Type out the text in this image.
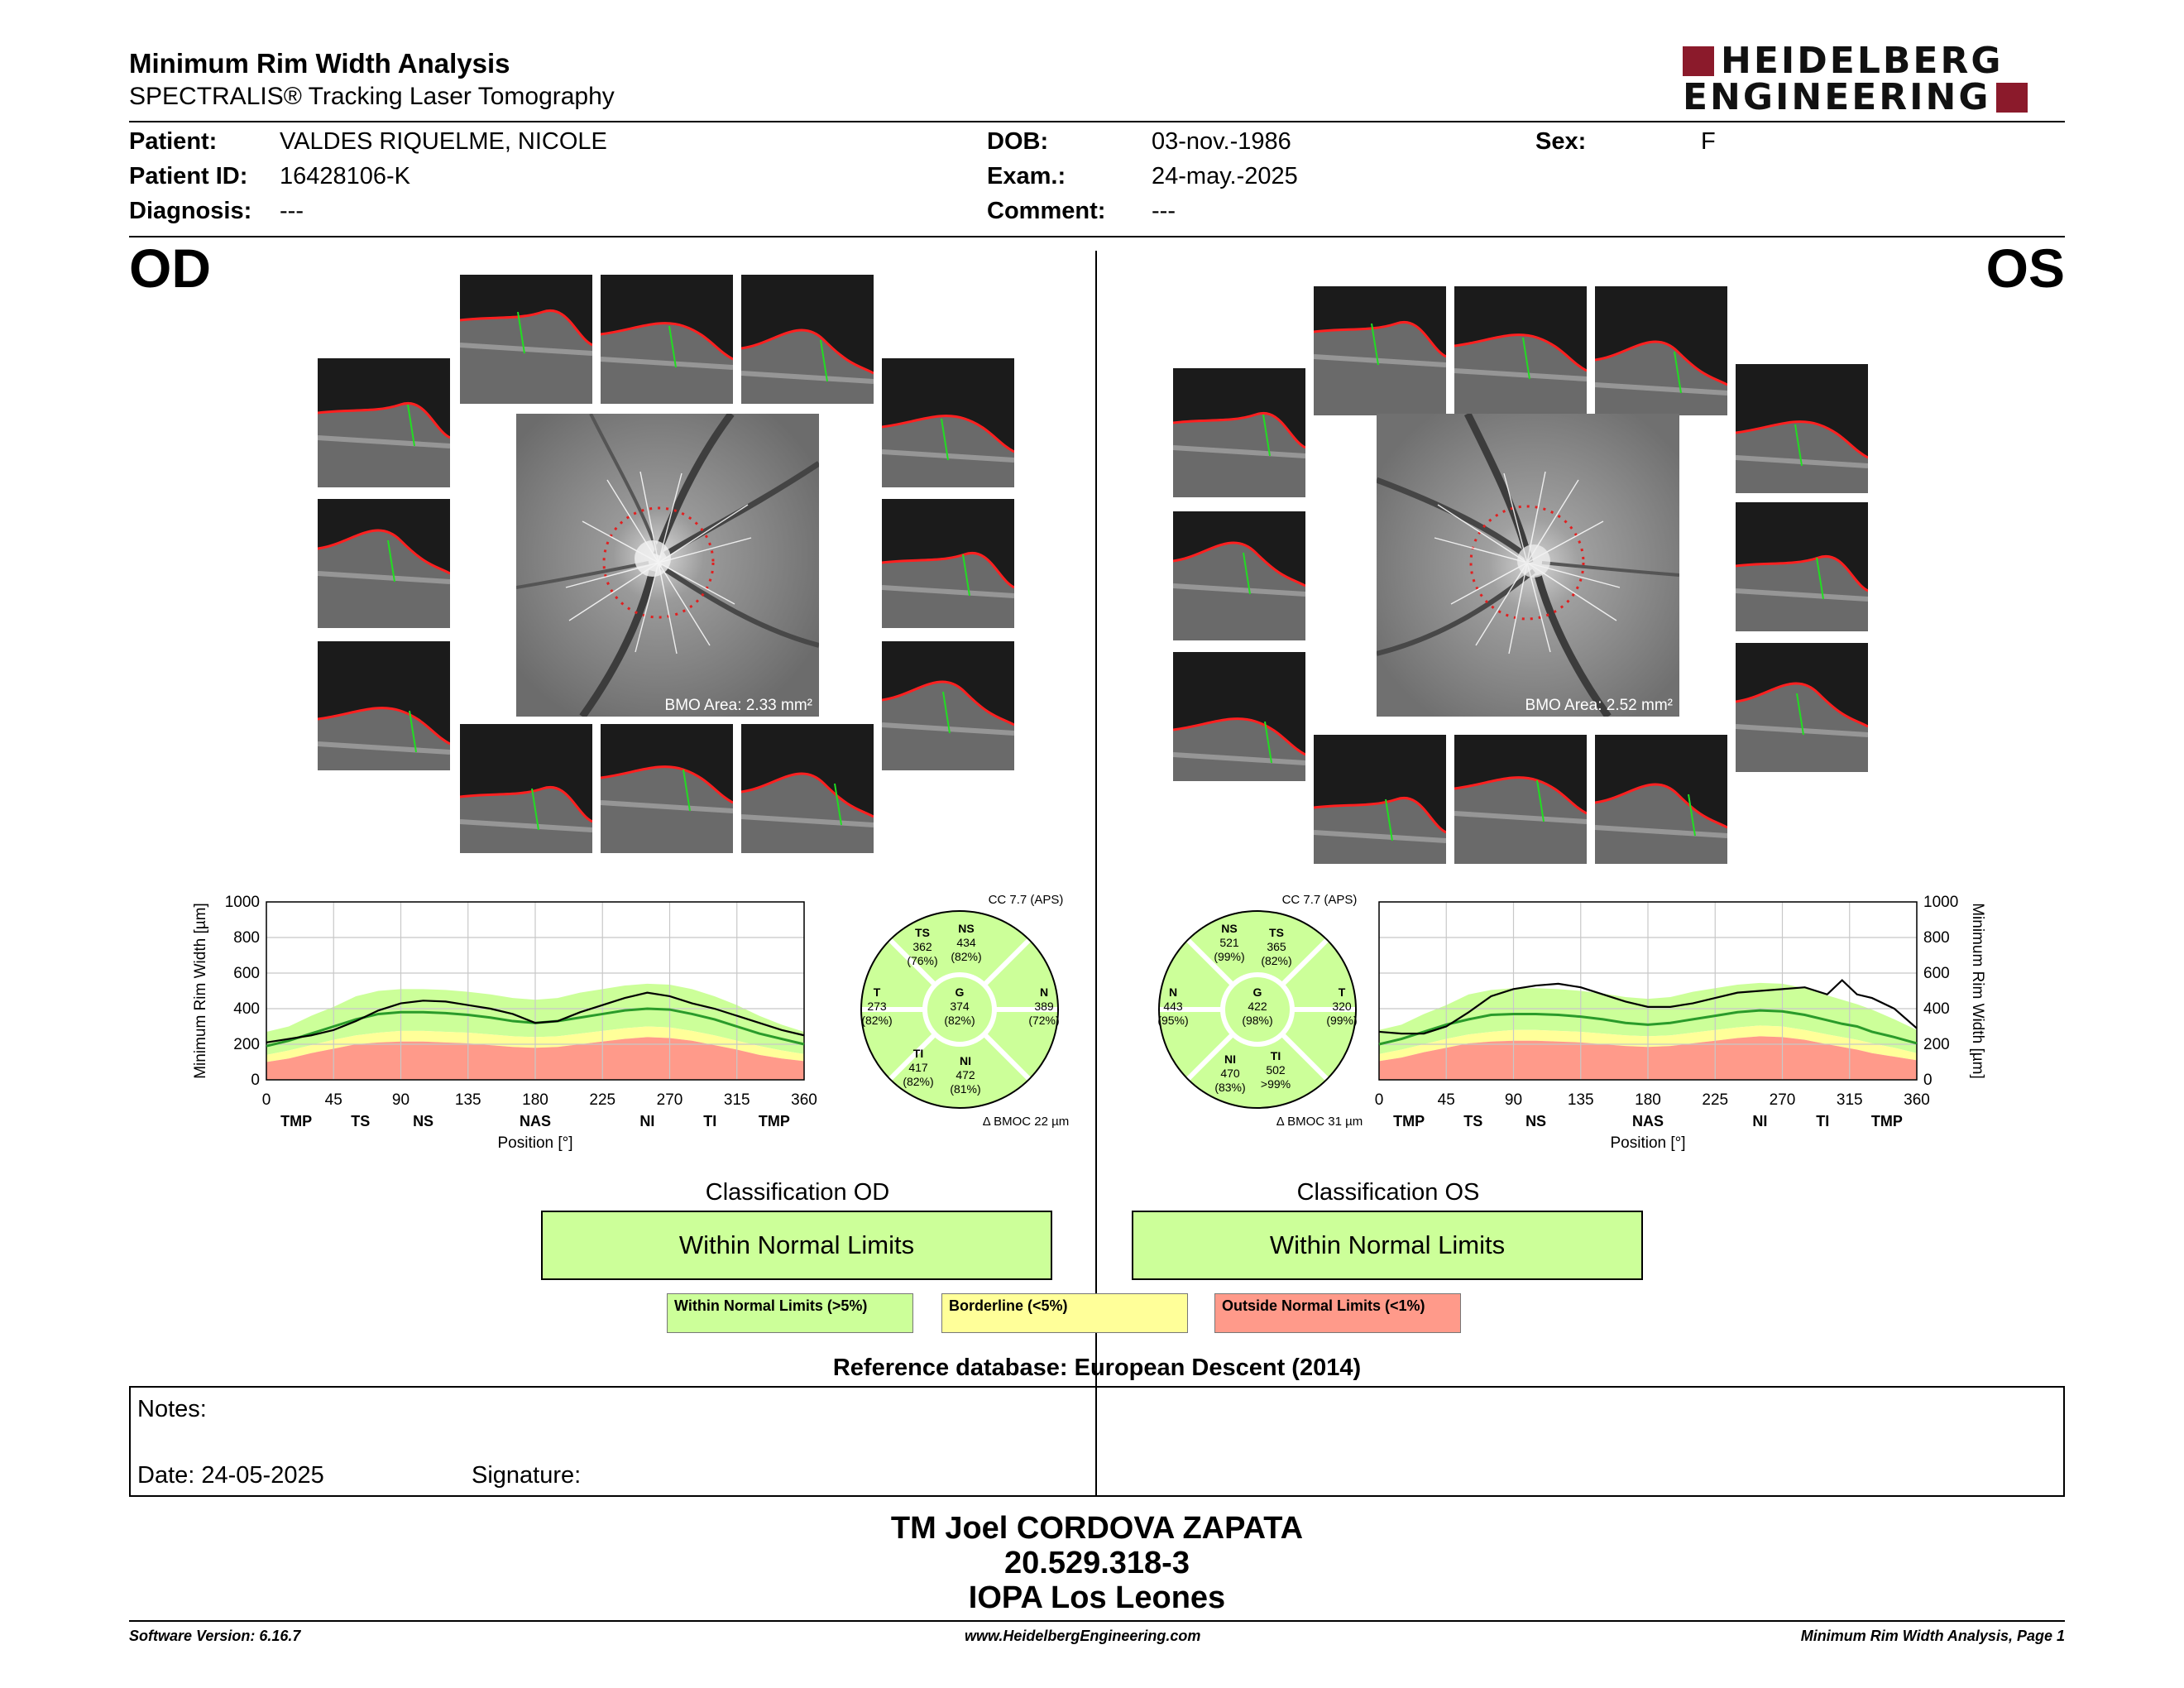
Minimum Rim Width Analysis
SPECTRALIS® Tracking Laser Tomography
HEIDELBERG
ENGINEERING
Patient:	VALDES RIQUELME, NICOLE
Patient ID: 16428106-K
Diagnosis: ---
DOB:	03-nov.-1986
Exam.:	24-may.-2025
Comment: ---
Sex:	F
OD	OS
BMO Area: 2.33 mm²	BMO Area: 2.52 mm²
0
200
400
600
800
1000
0	45	90	135	180	225	270	315	360
TMP	TS	NS	NAS	NI	TI	TMP
Position [°]
Minimum Rim Width [µm]
0
200
400
600
800
1000
0	45	90	135	180	225	270	315	360
TMP	TS	NS	NAS	NI	TI	TMP
Position [°]
Minimum Rim Width [µm]
CC 7.7 (APS)
TS
362
(76%)
NS
434
(82%)
T
273
(82%)
G
374
(82%)
N
389
(72%)
TI
417
(82%)
NI
472
(81%)
Δ BMOC 22 µm
CC 7.7 (APS)
NS
521
(99%)
TS
365
(82%)
N
443
(95%)
G
422
(98%)
T
320
(99%)
NI
470
(83%)
TI
502
>99%
Δ BMOC 31 µm
Classification OD
Within Normal Limits
Classification OS
Within Normal Limits
Within Normal Limits (>5%)	Borderline (<5%)	Outside Normal Limits (<1%)
Reference database: European Descent (2014)
Notes:
Date: 24-05-2025	Signature:
TM Joel CORDOVA ZAPATA
20.529.318-3
IOPA Los Leones
Software Version: 6.16.7	www.HeidelbergEngineering.com	Minimum Rim Width Analysis, Page 1
